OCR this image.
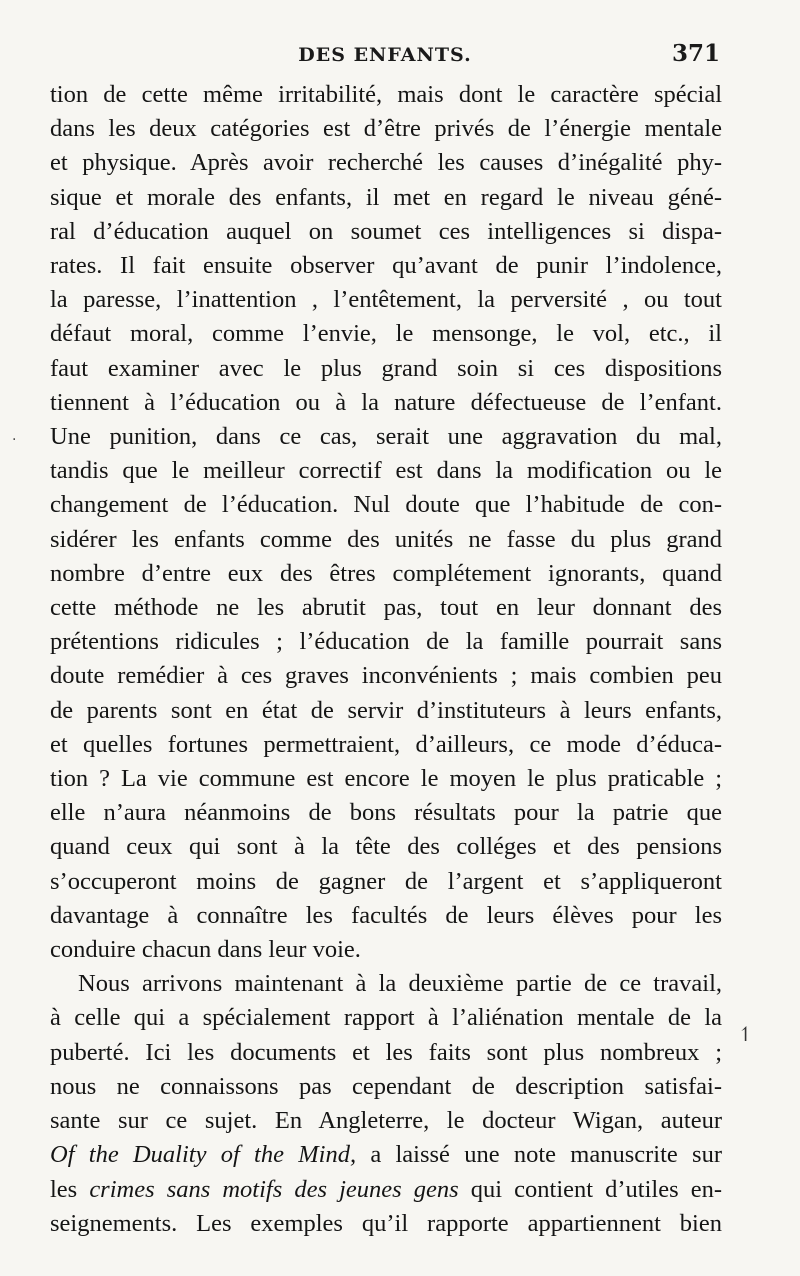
DES ENFANTS.	371
·

tion de cette même irritabilité, mais dont le caractère spécial
dans les deux catégories est d’être privés de l’énergie mentale
et physique. Après avoir recherché les causes d’inégalité phy-
sique et morale des enfants, il met en regard le niveau géné-
ral d’éducation auquel on soumet ces intelligences si dispa-
rates. Il fait ensuite observer qu’avant de punir l’indolence,
la paresse, l’inattention , l’entêtement, la perversité , ou tout
défaut moral, comme l’envie, le mensonge, le vol, etc., il
faut examiner avec le plus grand soin si ces dispositions
tiennent à l’éducation ou à la nature défectueuse de l’enfant.
Une punition, dans ce cas, serait une aggravation du mal,
tandis que le meilleur correctif est dans la modification ou le
changement de l’éducation. Nul doute que l’habitude de con-
sidérer les enfants comme des unités ne fasse du plus grand
nombre d’entre eux des êtres complétement ignorants, quand
cette méthode ne les abrutit pas, tout en leur donnant des
prétentions ridicules ; l’éducation de la famille pourrait sans
doute remédier à ces graves inconvénients ; mais combien peu
de parents sont en état de servir d’instituteurs à leurs enfants,
et quelles fortunes permettraient, d’ailleurs, ce mode d’éduca-
tion ? La vie commune est encore le moyen le plus praticable ;
elle n’aura néanmoins de bons résultats pour la patrie que
quand ceux qui sont à la tête des colléges et des pensions
s’occuperont moins de gagner de l’argent et s’appliqueront
davantage à connaître les facultés de leurs élèves pour les
conduire chacun dans leur voie.

Nous arrivons maintenant à la deuxième partie de ce travail,
à celle qui a spécialement rapport à l’aliénation mentale de la
puberté. Ici les documents et les faits sont plus nombreux ;
nous ne connaissons pas cependant de description satisfai-
sante sur ce sujet. En Angleterre, le docteur Wigan, auteur
Of the Duality of the Mind, a laissé une note manuscrite sur
les crimes sans motifs des jeunes gens qui contient d’utiles en-
seignements. Les exemples qu’il rapporte appartiennent bien

↿
